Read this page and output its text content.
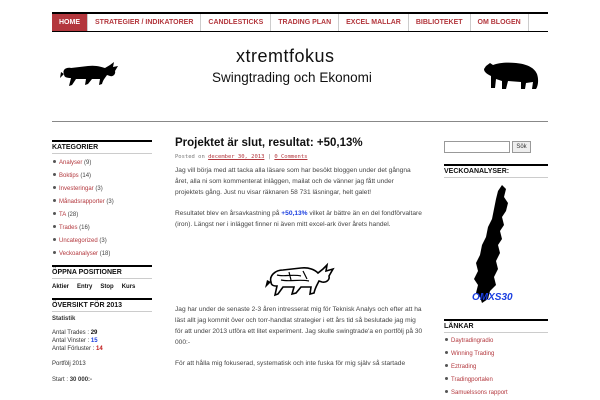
HOME	STRATEGIER / INDIKATORER	CANDLESTICKS	TRADING PLAN	EXCEL MALLAR	BIBLIOTEKET	OM BLOGEN
xtremtfokus
Swingtrading och Ekonomi
KATEGORIER
Analyser (9)
Boktips (14)
Investeringar (3)
Månadsrapporter (3)
TA (28)
Trades (16)
Uncategorized (3)
Veckoanalyser (18)
ÖPPNA POSITIONER
Aktier Entry Stop Kurs
ÖVERSIKT FÖR 2013
Statistik
Antal Trades : 29
Antal Vinster : 15
Antal Förluster : 14
Portfölj 2013
Start : 30 000:-
Projektet är slut, resultat: +50,13%
Posted on december 30, 2013 | 0 Comments

Jag vill börja med att tacka alla läsare som har besökt bloggen under det gångna året, alla ni som kommenterat inläggen, mailat och de vänner jag fått under projektets gång. Just nu visar räknaren 58 731 läsningar, helt galet!

Resultatet blev en årsavkastning på +50,13% vilket är bättre än en del fondförvaltare (iron). Längst ner i inlägget finner ni även mitt excel-ark över årets handel.

Jag har under de senaste 2-3 åren intresserat mig för Teknisk Analys och efter att ha läst allt jag kommit över och torr-handlat strategier i ett års tid så beslutade jag mig för att under 2013 utföra ett litet experiment. Jag skulle swingtrade'a en portfölj på 30 000:-

För att hålla mig fokuserad, systematisk och inte fuska för mig själv så startade

Sök
VECKOANALYSER:
OMXS30
LÄNKAR
Daytradingradio
Winning Trading
Eztrading
Tradingportalen
Samuelssons rapport
